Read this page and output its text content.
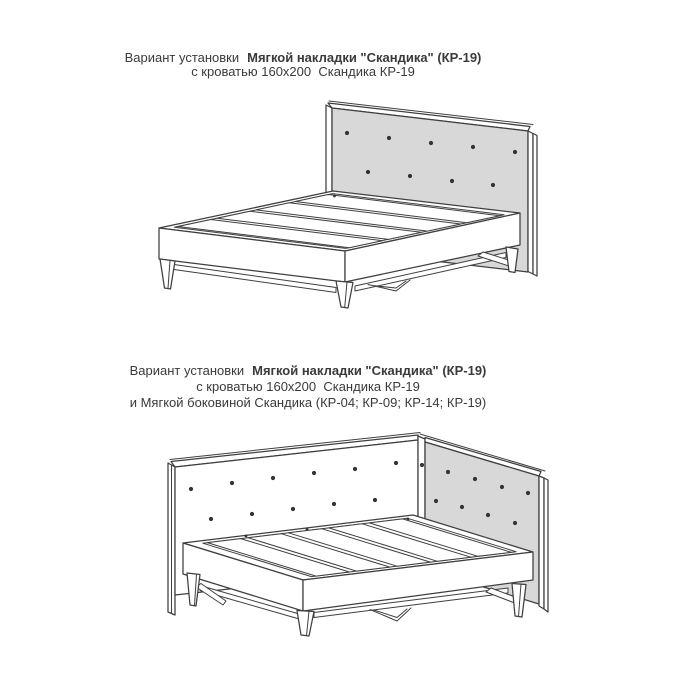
Вариант установки Мягкой накладки "Скандика" (КР-19)
с кроватью 160x200  Скандика КР-19
Вариант установки Мягкой накладки "Скандика" (КР-19)
с кроватью 160x200  Скандика КР-19
и Мягкой боковиной Скандика (КР-04; КР-09; КР-14; КР-19)
